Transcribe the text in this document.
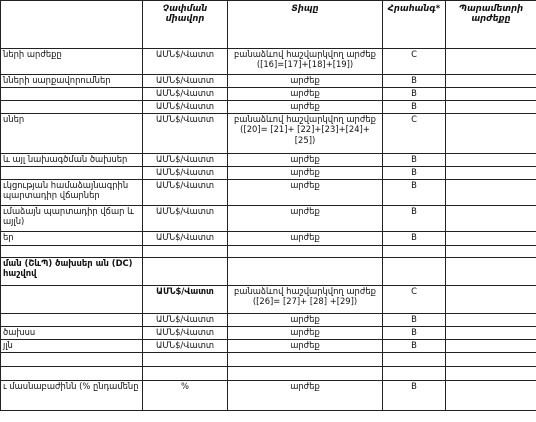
	Չափման միավոր	Տիպը	Հրահանգ*	Պարամետրի արժեքը
ների արժեքը	ԱՄՆ$/Վատտ	բանաձևով հաշվարկվող արժեք ([16]=[17]+[18]+[19])	C	
նների սարքավորումներ	ԱՄՆ$/Վատտ	արժեք	B	
	ԱՄՆ$/Վատտ	արժեք	B	
	ԱՄՆ$/Վատտ	արժեք	B	
սներ	ԱՄՆ$/Վատտ	բանաձևով հաշվարկվող արժեք ([20]= [21]+ [22]+[23]+[24]+[25])	C	
և այլ նախագծման ծախսեր	ԱՄՆ$/Վատտ	արժեք	B	
	ԱՄՆ$/Վատտ	արժեք	B	
ւկցության համաձայնագրին պարտադիր վճարներ	ԱՄՆ$/Վատտ	արժեք	B	
ւմաձայն պարտադիր վճար և այլն)	ԱՄՆ$/Վատտ	արժեք	B	
եր	ԱՄՆ$/Վատտ	արժեք	B	

ման (ՇևՊ) ծախսեր ան (DC) հաշվով				
	ԱՄՆ$/Վատտ	բանաձևով հաշվարկվող արժեք ([26]= [27]+ [28] +[29])	C	
	ԱՄՆ$/Վատտ	արժեք	B	
ծախսս	ԱՄՆ$/Վատտ	արժեք	B	
յլն	ԱՄՆ$/Վատտ	արժեք	B	

ւ մասնաբաժինն (% ընդամենը	%	արժեք	B	
